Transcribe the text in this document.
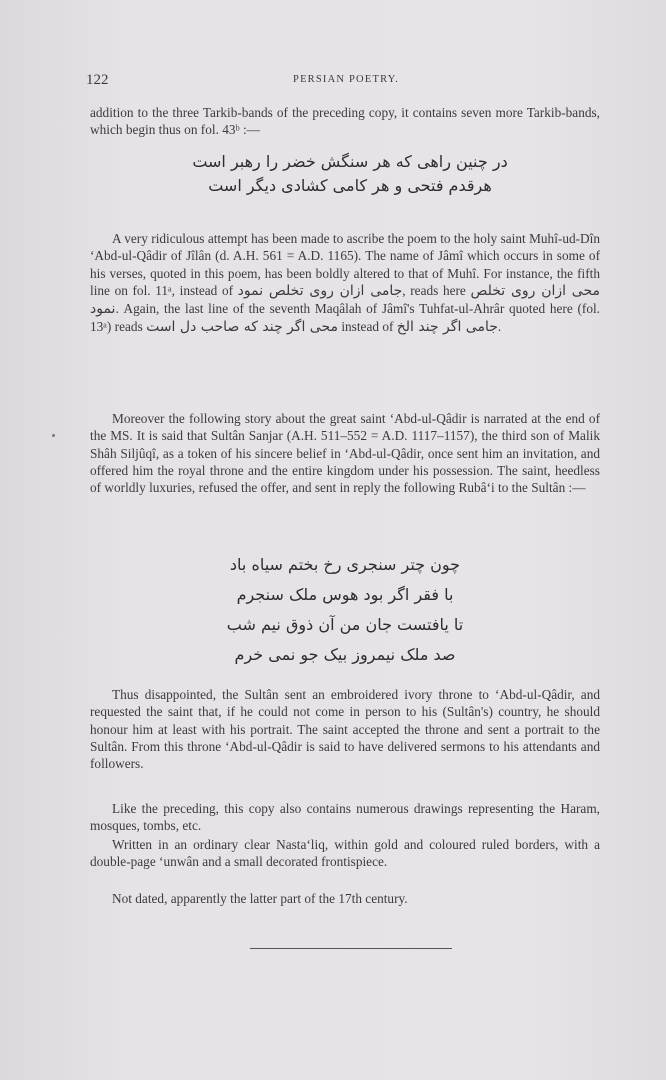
122	PERSIAN POETRY.

addition to the three Tarkib-bands of the preceding copy, it contains seven more Tarkib-bands, which begin thus on fol. 43ᵇ :—

در چنین راهی که هر سنگش خضر را رهبر است
هرقدم فتحی و هر کامی کشادی دیگر است

A very ridiculous attempt has been made to ascribe the poem to the holy saint Muhî-ud-Dîn ‘Abd-ul-Qâdir of Jîlân (d. A.H. 561 = A.D. 1165). The name of Jâmî which occurs in some of his verses, quoted in this poem, has been boldly altered to that of Muhî. For instance, the fifth line on fol. 11ᵃ, instead of جامی ازان روی تخلص نمود, reads here محی ازان روی تخلص نمود. Again, the last line of the seventh Maqâlah of Jâmî's Tuhfat-ul-Ahrâr quoted here (fol. 13ᵃ) reads محی اگر چند که صاحب دل است instead of جامی اگر چند الخ.

Moreover the following story about the great saint ‘Abd-ul-Qâdir is narrated at the end of the MS. It is said that Sultân Sanjar (A.H. 511–552 = A.D. 1117–1157), the third son of Malik Shâh Siljûqî, as a token of his sincere belief in ‘Abd-ul-Qâdir, once sent him an invitation, and offered him the royal throne and the entire kingdom under his possession. The saint, heedless of worldly luxuries, refused the offer, and sent in reply the following Rubâ‘i to the Sultân :—

چون چتر سنجری رخ بختم سیاه باد
با فقر اگر بود هوس ملک سنجرم
تا یافتست جان من آن ذوق نیم شب
صد ملک نیمروز بیک جو نمی خرم

Thus disappointed, the Sultân sent an embroidered ivory throne to ‘Abd-ul-Qâdir, and requested the saint that, if he could not come in person to his (Sultân's) country, he should honour him at least with his portrait. The saint accepted the throne and sent a portrait to the Sultân. From this throne ‘Abd-ul-Qâdir is said to have delivered sermons to his attendants and followers.

Like the preceding, this copy also contains numerous drawings representing the Haram, mosques, tombs, etc.

Written in an ordinary clear Nasta‘liq, within gold and coloured ruled borders, with a double-page ‘unwân and a small decorated frontispiece.

Not dated, apparently the latter part of the 17th century.
